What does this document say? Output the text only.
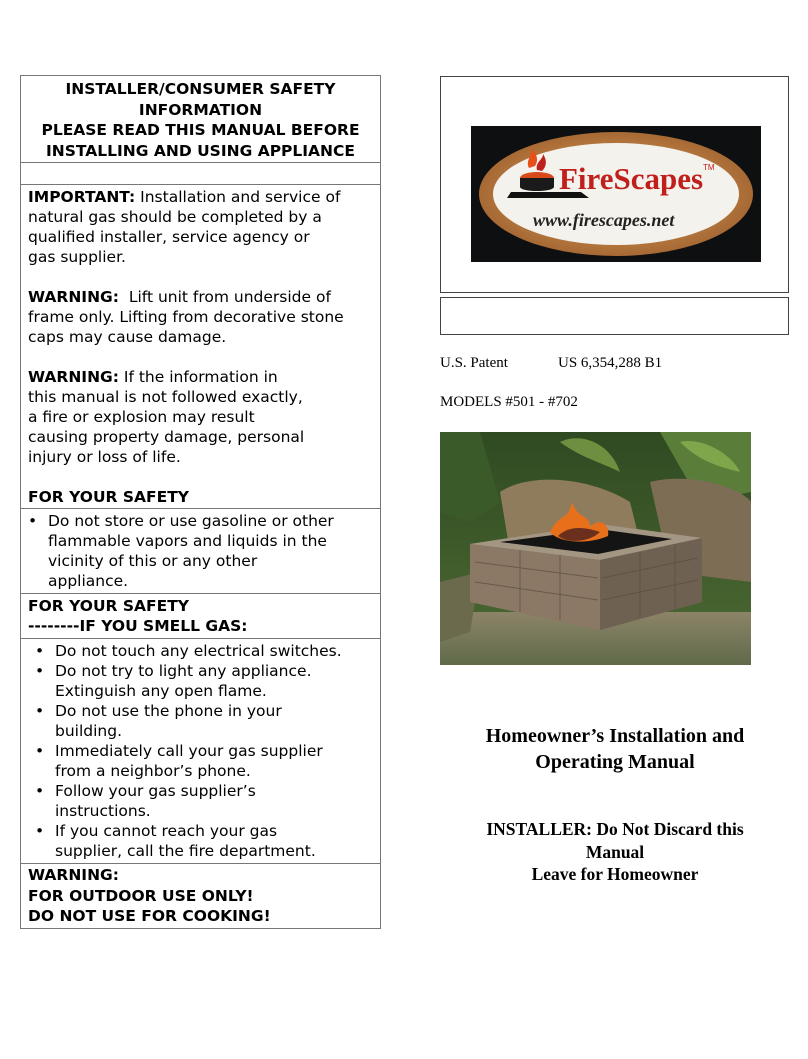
INSTALLER/CONSUMER SAFETY
INFORMATION
PLEASE READ THIS MANUAL BEFORE
INSTALLING AND USING APPLIANCE

IMPORTANT: Installation and service of
natural gas should be completed by a
qualified installer, service agency or
gas supplier.

WARNING:  Lift unit from underside of
frame only. Lifting from decorative stone
caps may cause damage.

WARNING: If the information in
this manual is not followed exactly,
a fire or explosion may result
causing property damage, personal
injury or loss of life.

FOR YOUR SAFETY

• Do not store or use gasoline or other
flammable vapors and liquids in the
vicinity of this or any other
appliance.
FOR YOUR SAFETY
--------IF YOU SMELL GAS:
• Do not touch any electrical switches.
• Do not try to light any appliance.
Extinguish any open flame.
• Do not use the phone in your
building.
• Immediately call your gas supplier
from a neighbor’s phone.
• Follow your gas supplier’s
instructions.
• If you cannot reach your gas
supplier, call the fire department.
WARNING:
FOR OUTDOOR USE ONLY!
DO NOT USE FOR COOKING!
FireScapes TM
www.firescapes.net
U.S. Patent	US 6,354,288 B1
MODELS #501 - #702
Homeowner’s Installation and
Operating Manual
INSTALLER: Do Not Discard this
Manual
Leave for Homeowner
